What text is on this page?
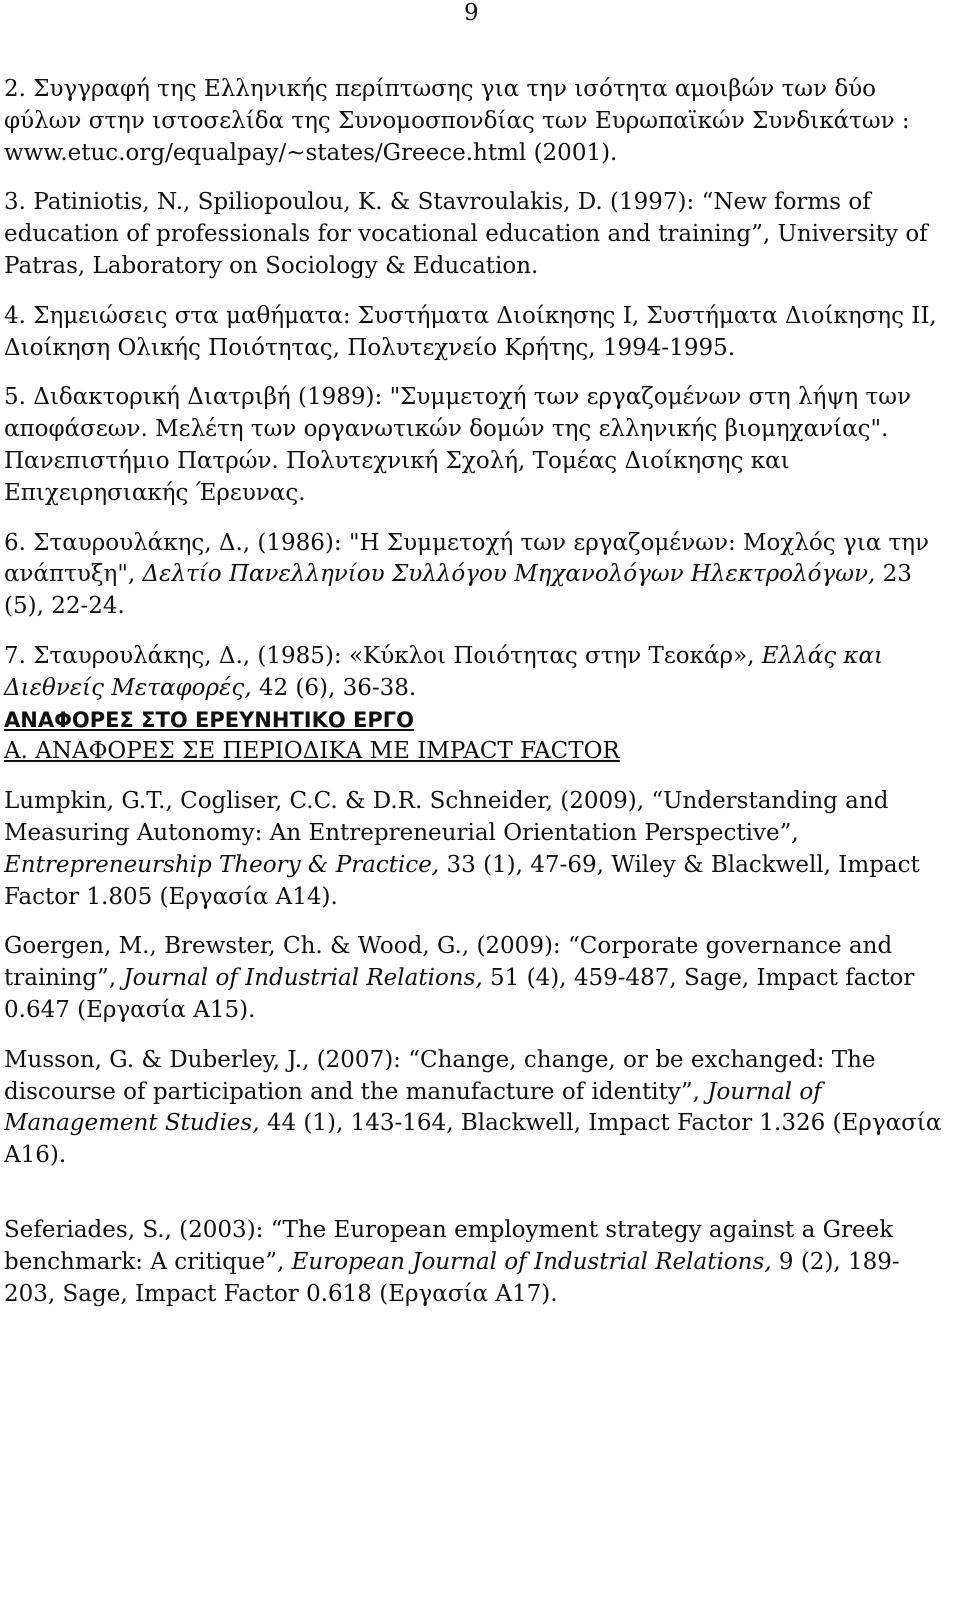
9

2. Συγγραφή της Ελληνικής περίπτωσης για την ισότητα αμοιβών των δύο φύλων στην ιστοσελίδα της Συνομοσπονδίας των Ευρωπαϊκών Συνδικάτων : www.etuc.org/equalpay/~states/Greece.html (2001).

3. Patiniotis, N., Spiliopoulou, K. & Stavroulakis, D. (1997): “New forms of education of professionals for vocational education and training”, University of Patras, Laboratory on Sociology & Education.

4. Σημειώσεις στα μαθήματα: Συστήματα Διοίκησης Ι, Συστήματα Διοίκησης ΙΙ, Διοίκηση Ολικής Ποιότητας, Πολυτεχνείο Κρήτης, 1994-1995.

5. Διδακτορική Διατριβή (1989): "Συμμετοχή των εργαζομένων στη λήψη των αποφάσεων. Μελέτη των οργανωτικών δομών της ελληνικής βιομηχανίας". Πανεπιστήμιο Πατρών. Πολυτεχνική Σχολή, Τομέας Διοίκησης και Επιχειρησιακής Έρευνας.

6. Σταυρουλάκης, Δ., (1986): "Η Συμμετοχή των εργαζομένων: Μοχλός για την ανάπτυξη", Δελτίο Πανελληνίου Συλλόγου Μηχανολόγων Ηλεκτρολόγων, 23 (5), 22-24.

7. Σταυρουλάκης, Δ., (1985): «Κύκλοι Ποιότητας στην Τεοκάρ», Ελλάς και Διεθνείς Μεταφορές, 42 (6), 36-38.

ΑΝΑΦΟΡΕΣ ΣΤΟ ΕΡΕΥΝΗΤΙΚΟ ΕΡΓΟ

Α. ΑΝΑΦΟΡΕΣ ΣΕ ΠΕΡΙΟΔΙΚΑ ΜΕ IMPACT FACTOR

Lumpkin, G.T., Cogliser, C.C. & D.R. Schneider, (2009), “Understanding and Measuring Autonomy: An Entrepreneurial Orientation Perspective”, Entrepreneurship Theory & Practice, 33 (1), 47-69, Wiley & Blackwell, Impact Factor 1.805 (Εργασία Α14).

Goergen, M., Brewster, Ch. & Wood, G., (2009): “Corporate governance and training”, Journal of Industrial Relations, 51 (4), 459-487, Sage, Impact factor 0.647 (Εργασία Α15).

Musson, G. & Duberley, J., (2007): “Change, change, or be exchanged: The discourse of participation and the manufacture of identity”, Journal of Management Studies, 44 (1), 143-164, Blackwell, Impact Factor 1.326 (Εργασία Α16).

Seferiades, S., (2003): “The European employment strategy against a Greek benchmark: A critique”, European Journal of Industrial Relations, 9 (2), 189-203, Sage, Impact Factor 0.618 (Εργασία Α17).
